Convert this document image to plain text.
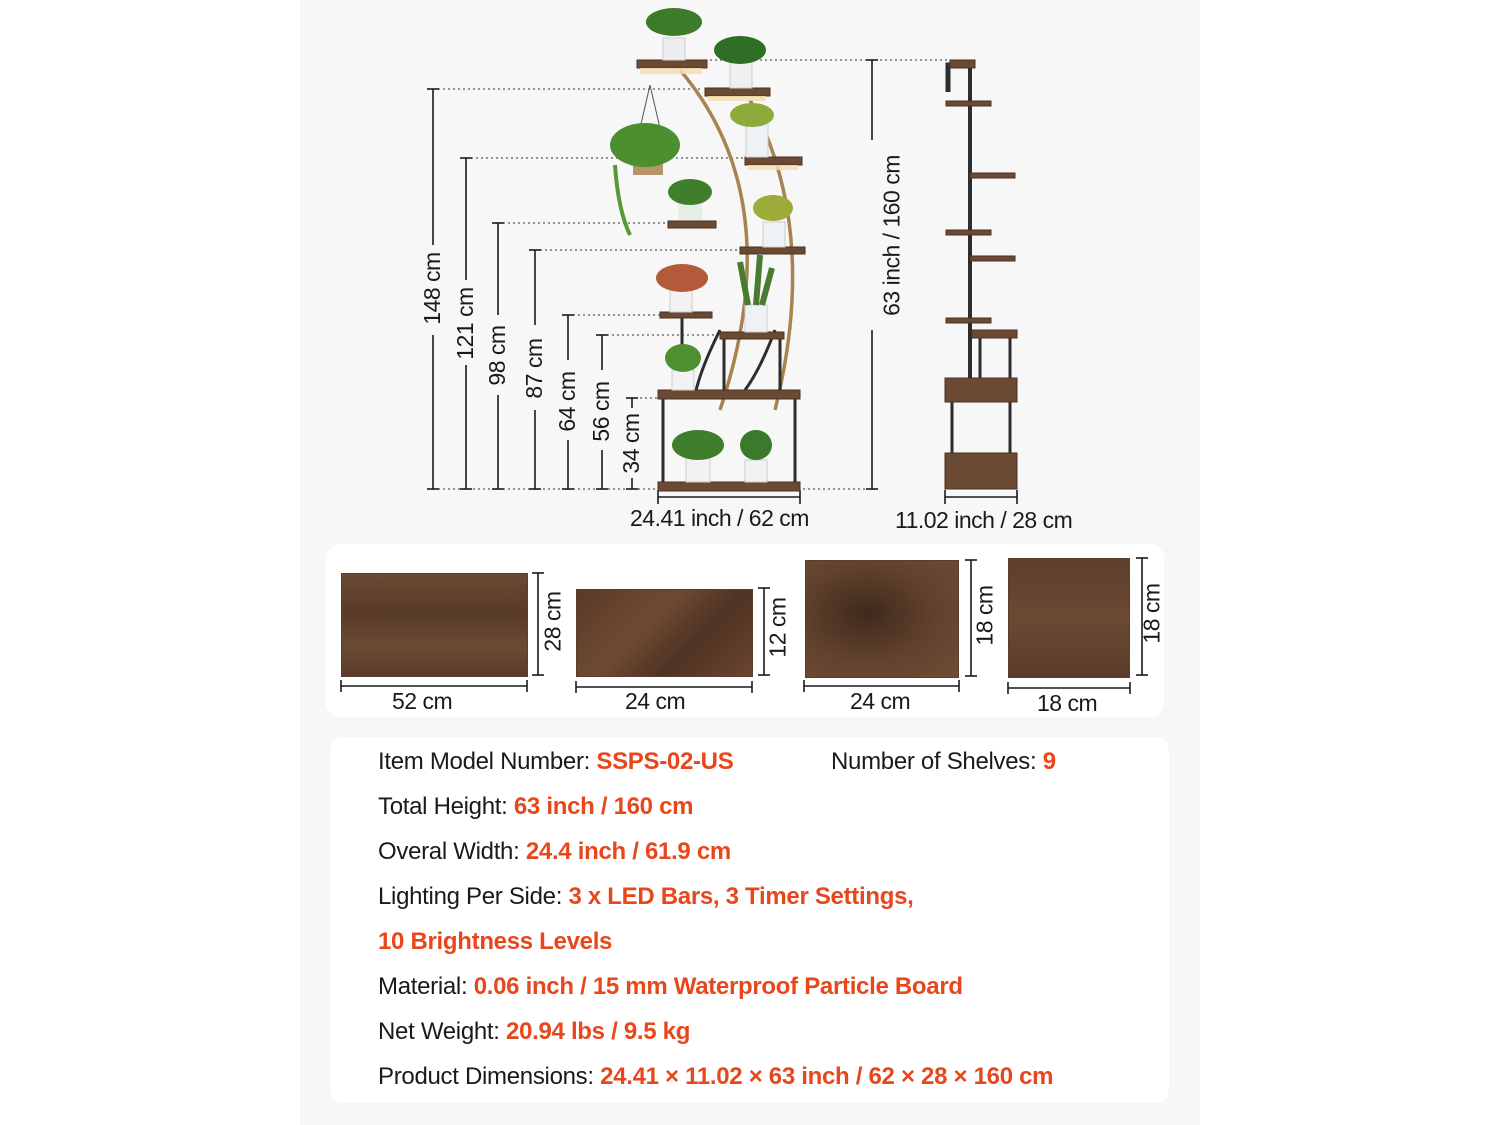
148 cm 121 cm 98 cm 87 cm
64 cm 56 cm
34 cm
63 inch / 160 cm
24.41 inch / 62 cm	11.02 inch / 28 cm
52 cm
28 cm
24 cm
12 cm
24 cm
18 cm
18 cm
18 cm
Item Model Number: SSPS-02-US	Number of Shelves: 9
Total Height: 63 inch / 160 cm
Overal Width: 24.4 inch / 61.9 cm
Lighting Per Side: 3 x LED Bars, 3 Timer Settings,
10 Brightness Levels
Material: 0.06 inch / 15 mm Waterproof Particle Board
Net Weight: 20.94 lbs / 9.5 kg
Product Dimensions: 24.41 × 11.02 × 63 inch / 62 × 28 × 160 cm
